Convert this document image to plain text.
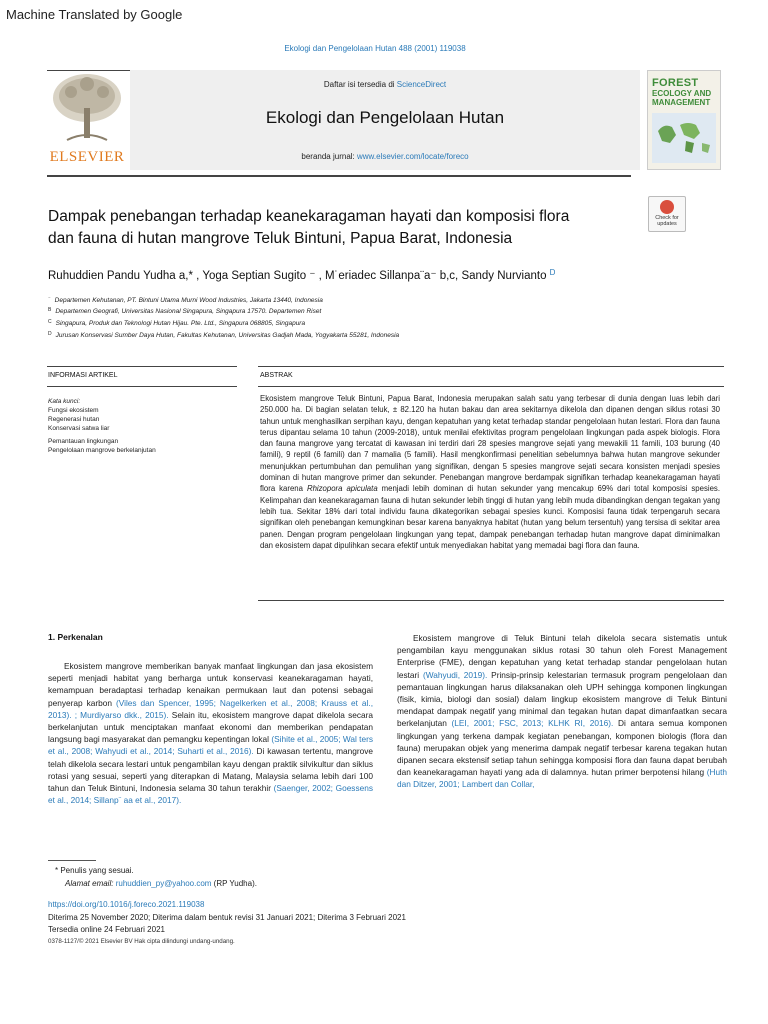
Machine Translated by Google
Ekologi dan Pengelolaan Hutan 488 (2001) 119038
ELSEVIER
Daftar isi tersedia di ScienceDirect
Ekologi dan Pengelolaan Hutan
beranda jurnal: www.elsevier.com/locate/foreco
FOREST
ECOLOGY AND MANAGEMENT
Dampak penebangan terhadap keanekaragaman hayati dan komposisi flora
dan fauna di hutan mangrove Teluk Bintuni, Papua Barat, Indonesia
Check for
updates
Ruhuddien Pandu Yudha a,* , Yoga Septian Sugito ⁻ , M˙eriadec Sillanpa¨a⁻ b,c, Sandy Nurvianto $^D$
⁻ Departemen Kehutanan, PT. Bintuni Utama Murni Wood Industries, Jakarta 13440, Indonesia
$^B$ Departemen Geografi, Universitas Nasional Singapura, Singapura 17570. Departemen Riset
$^C$ Singapura, Produk dan Teknologi Hutan Hijau. Pte. Ltd., Singapura 068805, Singapura
$^D$ Jurusan Konservasi Sumber Daya Hutan, Fakultas Kehutanan, Universitas Gadjah Mada, Yogyakarta 55281, Indonesia
INFORMASI ARTIKEL
Kata kunci:
Fungsi ekosistem
Regenerasi hutan
Konservasi satwa liar
Pemantauan lingkungan
Pengelolaan mangrove berkelanjutan
ABSTRAK
Ekosistem mangrove Teluk Bintuni, Papua Barat, Indonesia merupakan salah satu yang terbesar di dunia dengan luas lebih dari 250.000 ha. Di bagian selatan teluk, ± 82.120 ha hutan bakau dan area sekitarnya dikelola dan dipanen dengan siklus rotasi 30 tahun untuk menghasilkan serpihan kayu, dengan kepatuhan yang ketat terhadap standar pengelolaan hutan lestari. Flora dan fauna terus dipantau selama 10 tahun (2009-2018), untuk menilai efektivitas program pengelolaan lingkungan pada aspek biologis. Flora dan fauna mangrove yang tercatat di kawasan ini terdiri dari 28 spesies mangrove sejati yang mewakili 11 famili, 103 burung (40 famili), 9 reptil (6 famili) dan 7 mamalia (5 famili). Hasil mengkonfirmasi penelitian sebelumnya bahwa hutan mangrove sekunder menunjukkan pertumbuhan dan pemulihan yang signifikan, dengan 5 spesies mangrove sejati secara konsisten menjadi spesies dominan di hutan mangrove primer dan sekunder. Penebangan mangrove berdampak signifikan terhadap keanekaragaman hayati flora karena Rhizopora apiculata menjadi lebih dominan di hutan sekunder yang mencakup 69% dari total komposisi spesies. Kelimpahan dan keanekaragaman fauna di hutan sekunder lebih tinggi di hutan yang lebih muda dibandingkan dengan tegakan yang lebih tua. Sekitar 18% dari total individu fauna dikategorikan sebagai spesies kunci. Komposisi fauna tidak terpengaruh secara signifikan oleh penebangan kemungkinan besar karena banyaknya habitat (hutan yang belum tersentuh) yang tersisa di sekitar area panen. Dengan program pengelolaan lingkungan yang tepat, dampak penebangan terhadap hutan mangrove dapat diminimalkan dan ekosistem dapat dipulihkan secara efektif untuk menyediakan habitat yang memadai bagi flora dan fauna.
1. Perkenalan

Ekosistem mangrove memberikan banyak manfaat lingkungan dan jasa ekosistem seperti menjadi habitat yang berharga untuk konservasi keanekaragaman hayati, kemampuan beradaptasi terhadap kenaikan permukaan laut dan potensi sebagai penyerap karbon (Viles dan Spencer, 1995; Nagelkerken et al., 2008; Krauss et al., 2013). ; Murdiyarso dkk., 2015). Selain itu, ekosistem mangrove dapat dikelola secara berkelanjutan untuk menciptakan manfaat ekonomi dan memberikan pendapatan langsung bagi masyarakat dan pemangku kepentingan lokal (Sihite et al., 2005; Wal ters et al., 2008; Wahyudi et al., 2014; Suharti et al., 2016). Di kawasan tertentu, mangrove telah dikelola secara lestari untuk pengambilan kayu dengan praktik silvikultur dan siklus rotasi yang sesuai, seperti yang diterapkan di Matang, Malaysia selama lebih dari 100 tahun dan Teluk Bintuni, Indonesia selama 30 tahun terakhir (Saenger, 2002; Goessens et al., 2014; Sillanp¨ aa et al., 2017).

Ekosistem mangrove di Teluk Bintuni telah dikelola secara sistematis untuk pengambilan kayu menggunakan siklus rotasi 30 tahun oleh Forest Management Enterprise (FME), dengan kepatuhan yang ketat terhadap standar pengelolaan hutan lestari (Wahyudi, 2019). Prinsip-prinsip kelestarian termasuk program pengelolaan dan pemantauan lingkungan harus dilaksanakan oleh UPH sehingga komponen lingkungan (fisik, kimia, biologi dan sosial) dalam lingkup ekosistem mangrove di Teluk Bintuni mendapat dampak negatif yang minimal dan tegakan hutan dapat dimanfaatkan secara berkelanjutan (LEI, 2001; FSC, 2013; KLHK RI, 2016). Di antara semua komponen lingkungan yang terkena dampak kegiatan penebangan, komponen biologis (flora dan fauna) merupakan objek yang menerima dampak negatif terbesar karena tegakan hutan dipanen secara ekstensif setiap tahun sehingga komposisi flora dan fauna dapat berubah dan keanekaragaman hayati yang ada di dalamnya. hutan primer berpotensi hilang (Huth dan Ditzer, 2001; Lambert dan Collar,

* Penulis yang sesuai.
Alamat email: ruhuddien_py@yahoo.com (RP Yudha).
https://doi.org/10.1016/j.foreco.2021.119038
Diterima 25 November 2020; Diterima dalam bentuk revisi 31 Januari 2021; Diterima 3 Februari 2021
Tersedia online 24 Februari 2021
0378-1127/© 2021 Elsevier BV Hak cipta dilindungi undang-undang.
